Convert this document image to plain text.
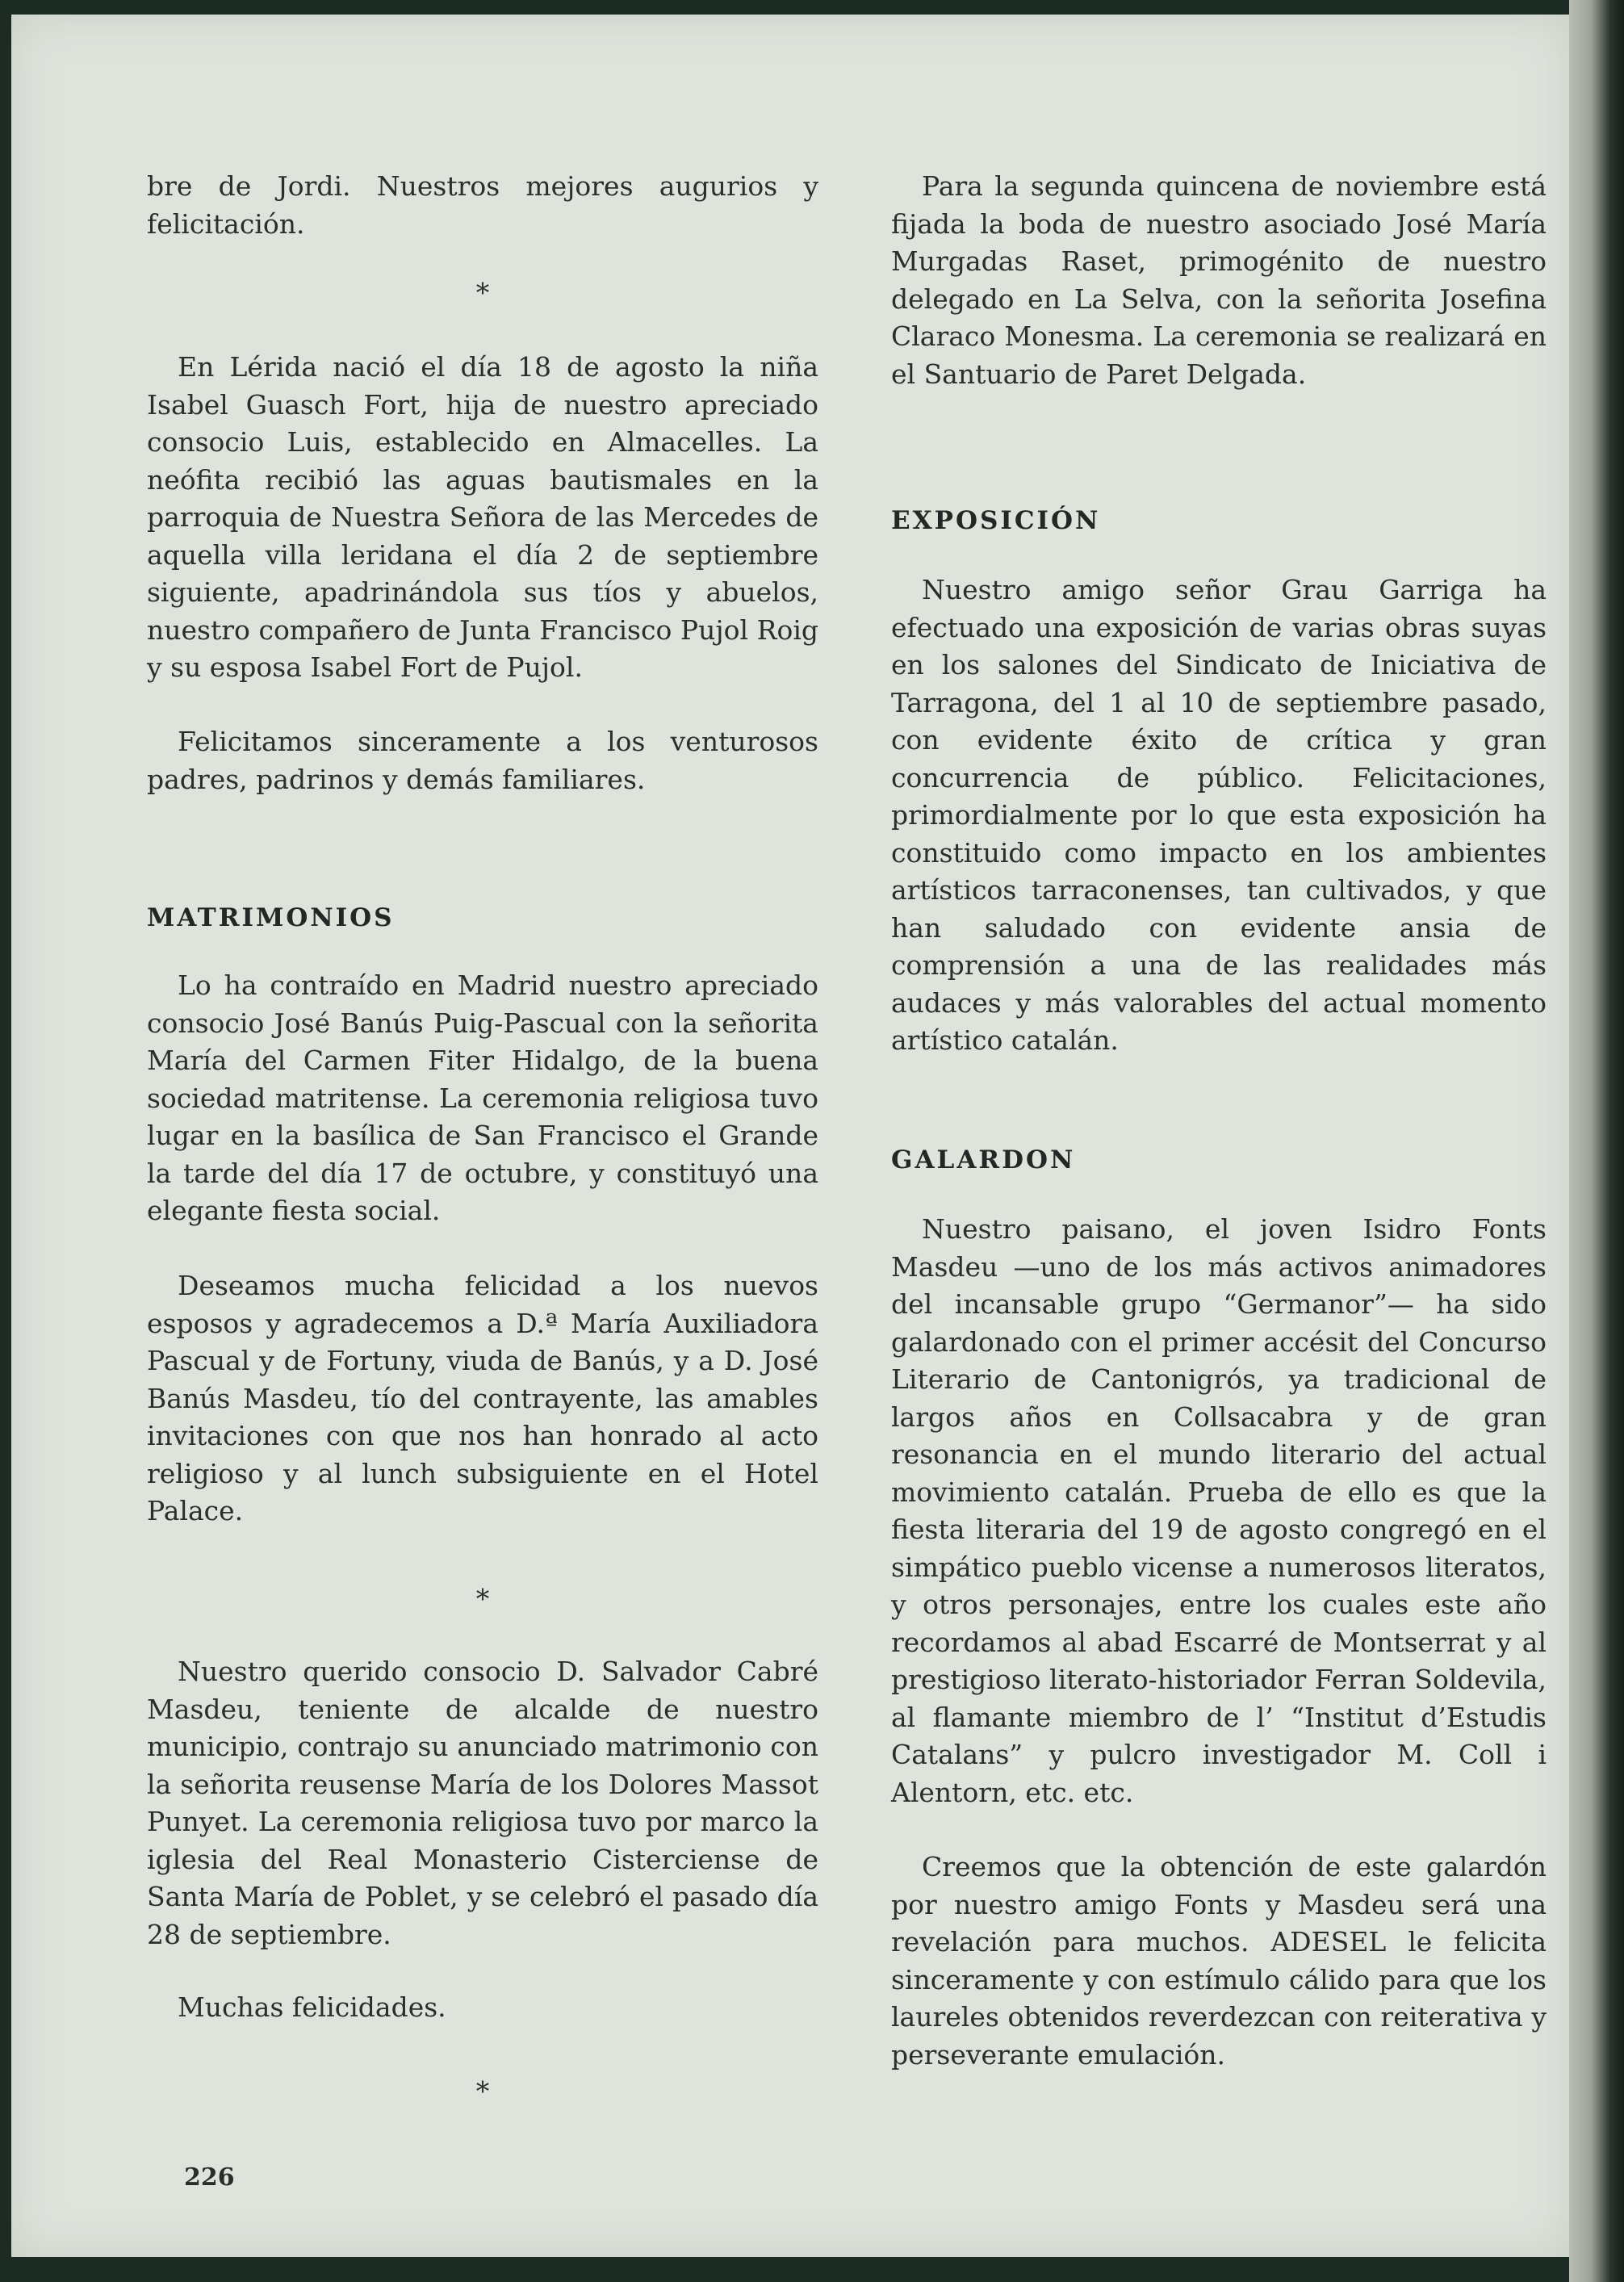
bre de Jordi. Nuestros mejores augurios y felicitación.

*

En Lérida nació el día 18 de agosto la niña Isabel Guasch Fort, hija de nuestro apreciado consocio Luis, establecido en Almacelles. La neófita recibió las aguas bautismales en la parroquia de Nuestra Señora de las Mercedes de aquella villa leridana el día 2 de septiembre siguiente, apadrinándola sus tíos y abuelos, nuestro compañero de Junta Francisco Pujol Roig y su esposa Isabel Fort de Pujol.

Felicitamos sinceramente a los venturosos padres, padrinos y demás familiares.

MATRIMONIOS

Lo ha contraído en Madrid nuestro apreciado consocio José Banús Puig-Pascual con la señorita María del Carmen Fiter Hidalgo, de la buena sociedad matritense. La ceremonia religiosa tuvo lugar en la basílica de San Francisco el Grande la tarde del día 17 de octubre, y constituyó una elegante fiesta social.

Deseamos mucha felicidad a los nuevos esposos y agradecemos a D.ª María Auxiliadora Pascual y de Fortuny, viuda de Banús, y a D. José Banús Masdeu, tío del contrayente, las amables invitaciones con que nos han honrado al acto religioso y al lunch subsiguiente en el Hotel Palace.

*

Nuestro querido consocio D. Salvador Cabré Masdeu, teniente de alcalde de nuestro municipio, contrajo su anunciado matrimonio con la señorita reusense María de los Dolores Massot Punyet. La ceremonia religiosa tuvo por marco la iglesia del Real Monasterio Cisterciense de Santa María de Poblet, y se celebró el pasado día 28 de septiembre.

Muchas felicidades.

*

Para la segunda quincena de noviembre está fijada la boda de nuestro asociado José María Murgadas Raset, primogénito de nuestro delegado en La Selva, con la señorita Josefina Claraco Monesma. La ceremonia se realizará en el Santuario de Paret Delgada.

EXPOSICIÓN

Nuestro amigo señor Grau Garriga ha efectuado una exposición de varias obras suyas en los salones del Sindicato de Iniciativa de Tarragona, del 1 al 10 de septiembre pasado, con evidente éxito de crítica y gran concurrencia de público. Felicitaciones, primordialmente por lo que esta exposición ha constituido como impacto en los ambientes artísticos tarraconenses, tan cultivados, y que han saludado con evidente ansia de comprensión a una de las realidades más audaces y más valorables del actual momento artístico catalán.

GALARDON

Nuestro paisano, el joven Isidro Fonts Masdeu —uno de los más activos animadores del incansable grupo “Germanor”— ha sido galardonado con el primer accésit del Concurso Literario de Cantonigrós, ya tradicional de largos años en Collsacabra y de gran resonancia en el mundo literario del actual movimiento catalán. Prueba de ello es que la fiesta literaria del 19 de agosto congregó en el simpático pueblo vicense a numerosos literatos, y otros personajes, entre los cuales este año recordamos al abad Escarré de Montserrat y al prestigioso literato-historiador Ferran Soldevila, al flamante miembro de l’ “Institut d’Estudis Catalans” y pulcro investigador M. Coll i Alentorn, etc. etc.

Creemos que la obtención de este galardón por nuestro amigo Fonts y Masdeu será una revelación para muchos. ADESEL le felicita sinceramente y con estímulo cálido para que los laureles obtenidos reverdezcan con reiterativa y perseverante emulación.

226
